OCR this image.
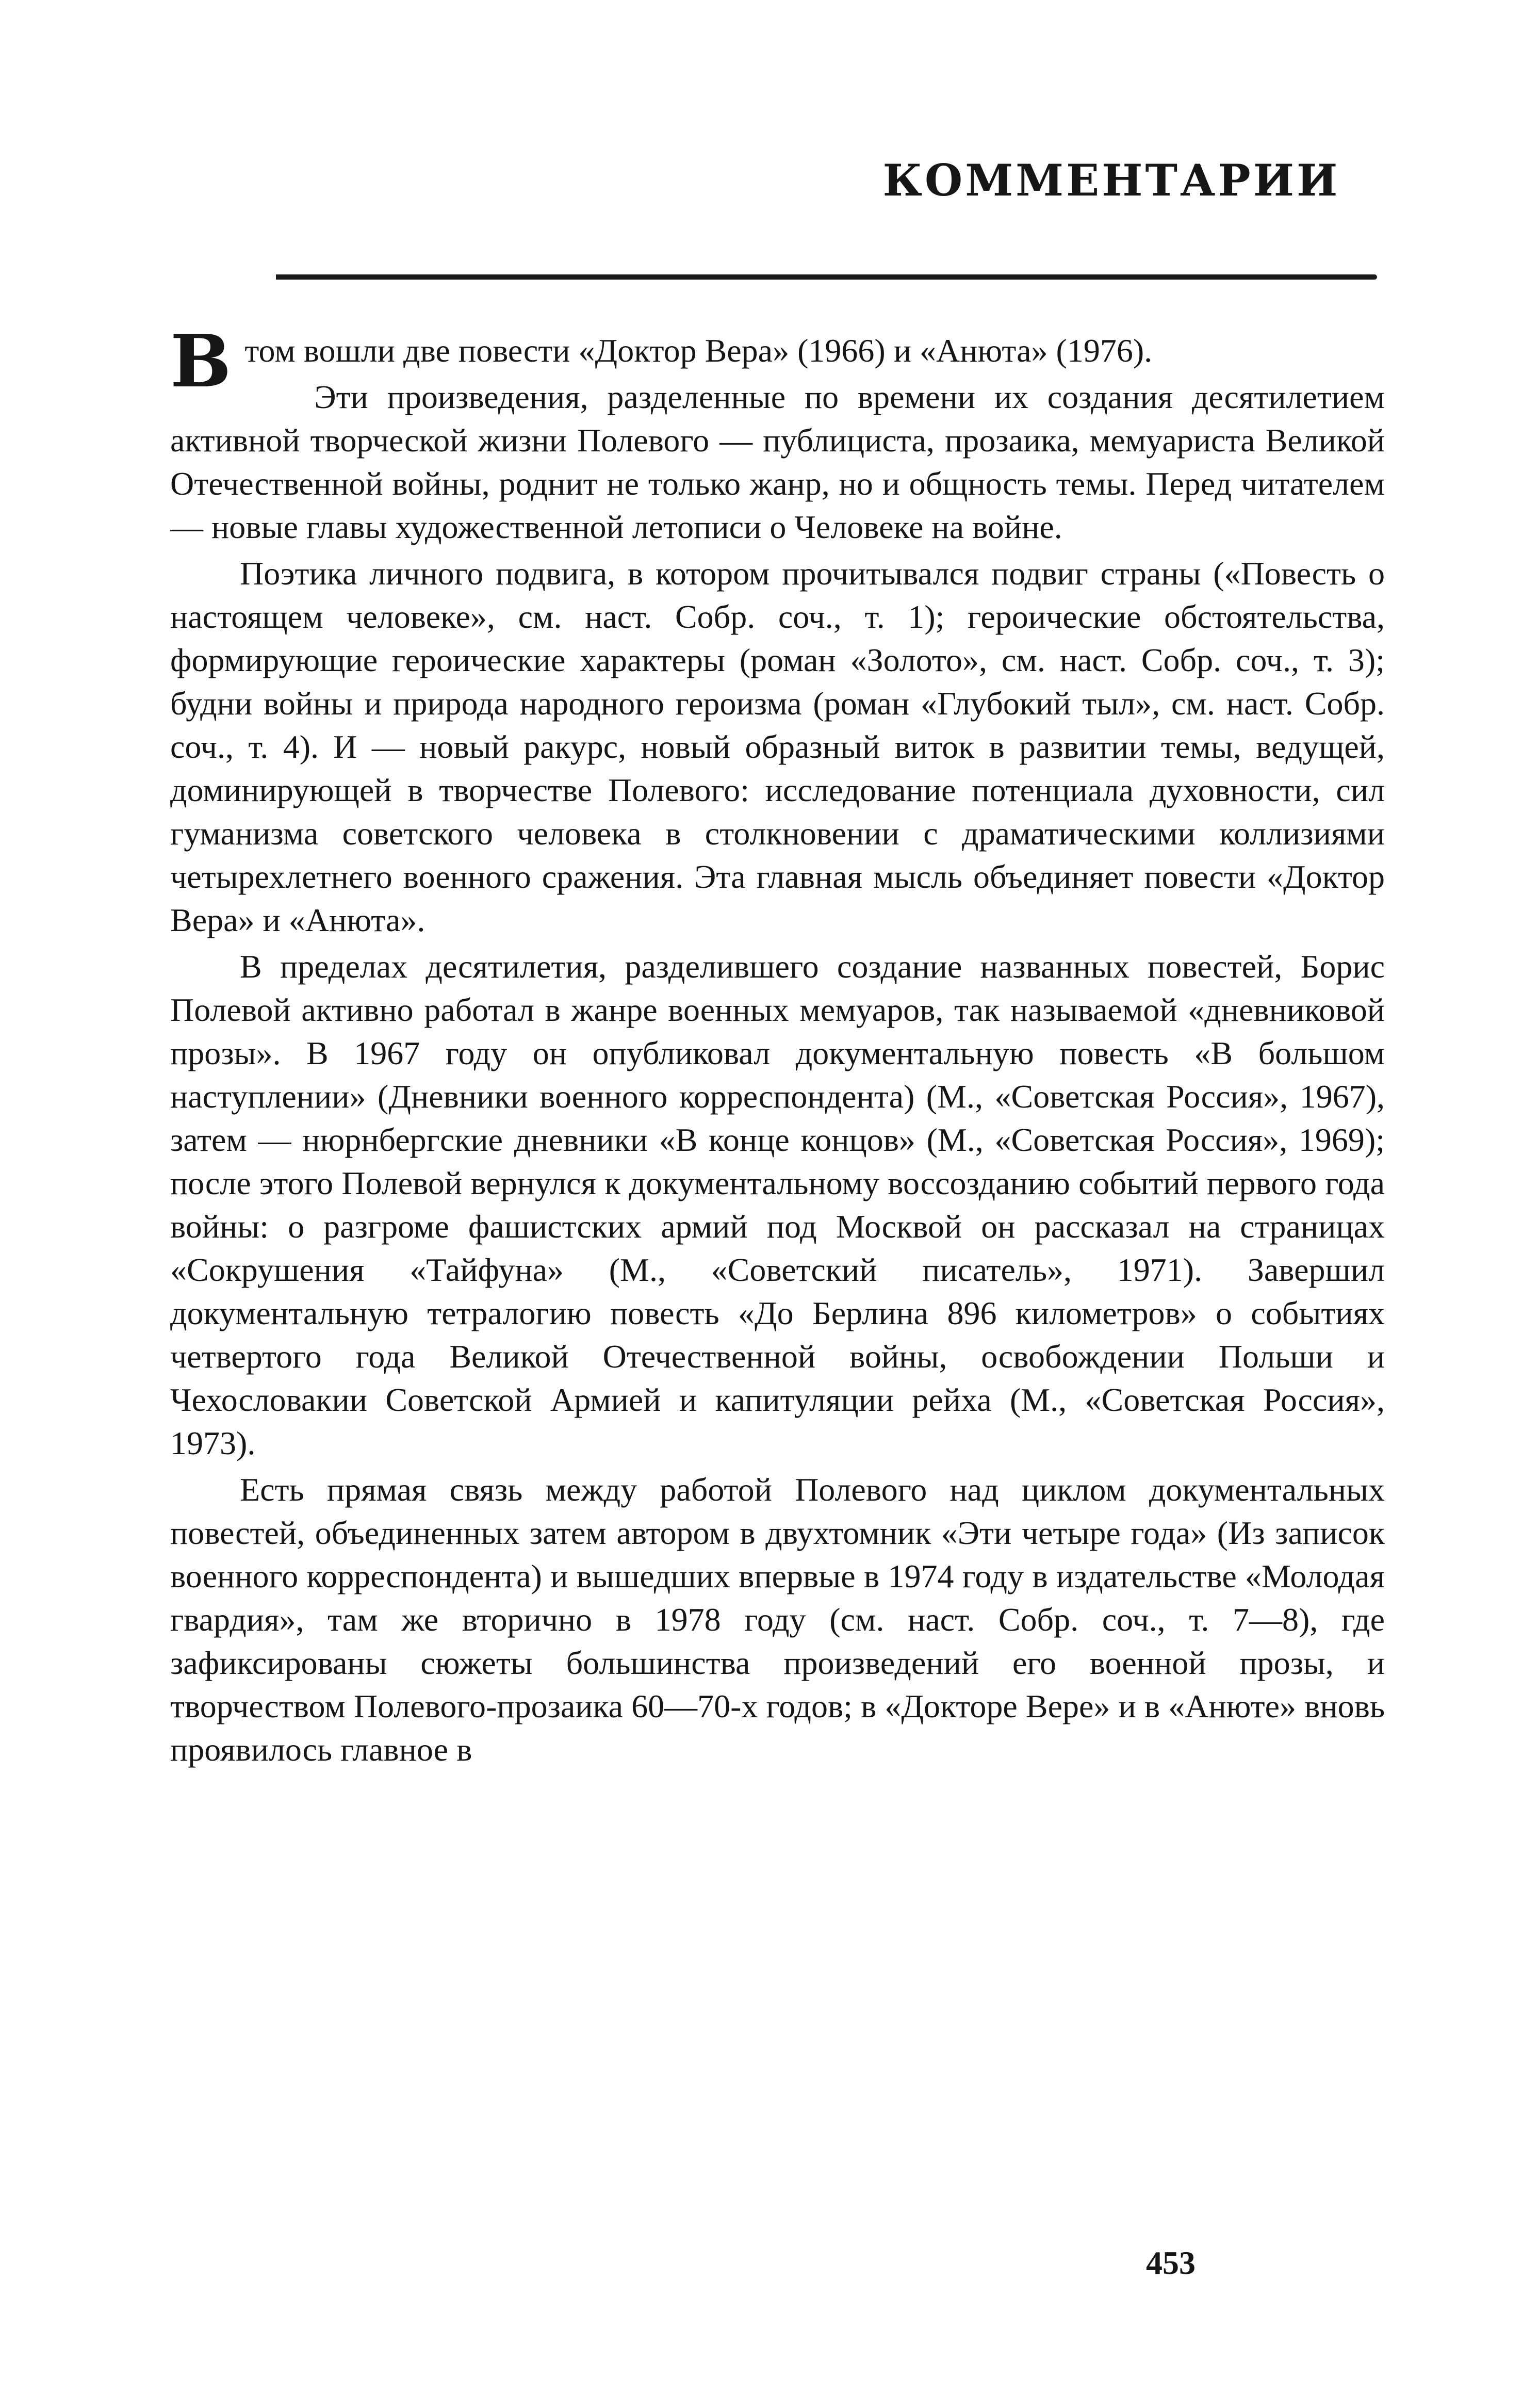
КОММЕНТАРИИ

Втом вошли две повести «Доктор Вера» (1966) и «Анюта» (1976).

Эти произведения, разделенные по времени их создания десятилетием активной творческой жизни Полевого — публициста, прозаика, мемуариста Великой Отечественной войны, роднит не только жанр, но и общность темы. Перед читателем — новые главы художественной летописи о Человеке на войне.

Поэтика личного подвига, в котором прочитывался подвиг страны («Повесть о настоящем человеке», см. наст. Собр. соч., т. 1); героические обстоятельства, формирующие героические характеры (роман «Золото», см. наст. Собр. соч., т. 3); будни войны и природа народного героизма (роман «Глубокий тыл», см. наст. Собр. соч., т. 4). И — новый ракурс, новый образный виток в развитии темы, ведущей, доминирующей в творчестве Полевого: исследование потенциала духовности, сил гуманизма советского человека в столкновении с драматическими коллизиями четырехлетнего военного сражения. Эта главная мысль объединяет повести «Доктор Вера» и «Анюта».

В пределах десятилетия, разделившего создание названных повестей, Борис Полевой активно работал в жанре военных мемуаров, так называемой «дневниковой прозы». В 1967 году он опубликовал документальную повесть «В большом наступлении» (Дневники военного корреспондента) (М., «Советская Россия», 1967), затем — нюрнбергские дневники «В конце концов» (М., «Советская Россия», 1969); после этого Полевой вернулся к документальному воссозданию событий первого года войны: о разгроме фашистских армий под Москвой он рассказал на страницах «Сокрушения «Тайфуна» (М., «Советский писатель», 1971). Завершил документальную тетралогию повесть «До Берлина 896 километров» о событиях четвертого года Великой Отечественной войны, освобождении Польши и Чехословакии Советской Армией и капитуляции рейха (М., «Советская Россия», 1973).

Есть прямая связь между работой Полевого над циклом документальных повестей, объединенных затем автором в двухтомник «Эти четыре года» (Из записок военного корреспондента) и вышедших впервые в 1974 году в издательстве «Молодая гвардия», там же вторично в 1978 году (см. наст. Собр. соч., т. 7—8), где зафиксированы сюжеты большинства произведений его военной прозы, и творчеством Полевого-прозаика 60—70-х годов; в «Докторе Вере» и в «Анюте» вновь проявилось главное в

453
